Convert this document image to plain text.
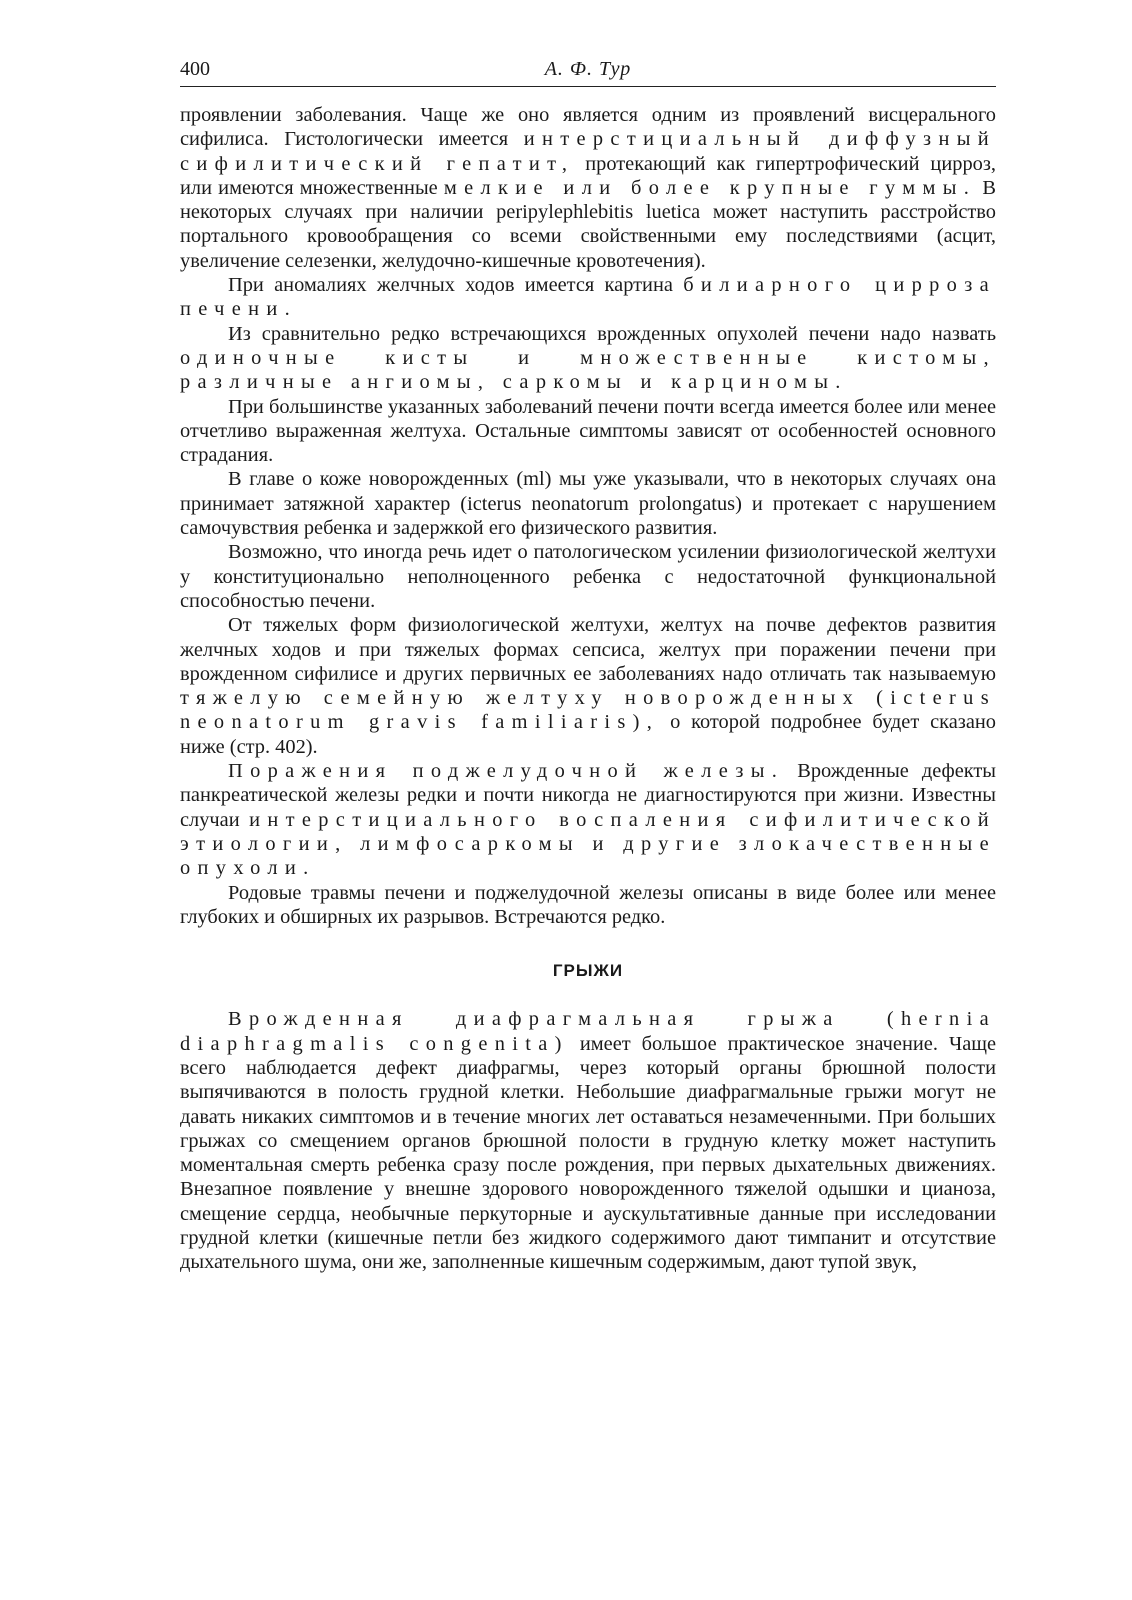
400	А. Ф. Тур

проявлении заболевания. Чаще же оно является одним из проявлений висцерального сифилиса. Гистологически имеется интерстициальный диффузный сифилитический гепатит, протекающий как гипертрофический цирроз, или имеются множественные мелкие или более крупные гуммы. В некоторых случаях при наличии peripylephlebitis luetica может наступить расстройство портального кровообращения со всеми свойственными ему последствиями (асцит, увеличение селезенки, желудочно-кишечные кровотечения).

При аномалиях желчных ходов имеется картина билиарного цирроза печени.

Из сравнительно редко встречающихся врожденных опухолей печени надо назвать одиночные кисты и множественные кистомы, различные ангиомы, саркомы и карциномы.

При большинстве указанных заболеваний печени почти всегда имеется более или менее отчетливо выраженная желтуха. Остальные симптомы зависят от особенностей основного страдания.

В главе о коже новорожденных (ml) мы уже указывали, что в некоторых случаях она принимает затяжной характер (icterus neonatorum prolongatus) и протекает с нарушением самочувствия ребенка и задержкой его физического развития.

Возможно, что иногда речь идет о патологическом усилении физиологической желтухи у конституционально неполноценного ребенка с недостаточной функциональной способностью печени.

От тяжелых форм физиологической желтухи, желтух на почве дефектов развития желчных ходов и при тяжелых формах сепсиса, желтух при поражении печени при врожденном сифилисе и других первичных ее заболеваниях надо отличать так называемую тяжелую семейную желтуху новорожденных (icterus neonatorum gravis familiaris), о которой подробнее будет сказано ниже (стр. 402).

Поражения поджелудочной железы. Врожденные дефекты панкреатической железы редки и почти никогда не диагностируются при жизни. Известны случаи интерстициального воспаления сифилитической этиологии, лимфосаркомы и другие злокачественные опухоли.

Родовые травмы печени и поджелудочной железы описаны в виде более или менее глубоких и обширных их разрывов. Встречаются редко.

ГРЫЖИ

Врожденная диафрагмальная грыжа (hernia diaphragmalis congenita) имеет большое практическое значение. Чаще всего наблюдается дефект диафрагмы, через который органы брюшной полости выпячиваются в полость грудной клетки. Небольшие диафрагмальные грыжи могут не давать никаких симптомов и в течение многих лет оставаться незамеченными. При больших грыжах со смещением органов брюшной полости в грудную клетку может наступить моментальная смерть ребенка сразу после рождения, при первых дыхательных движениях. Внезапное появление у внешне здорового новорожденного тяжелой одышки и цианоза, смещение сердца, необычные перкуторные и аускультативные данные при исследовании грудной клетки (кишечные петли без жидкого содержимого дают тимпанит и отсутствие дыхательного шума, они же, заполненные кишечным содержимым, дают тупой звук,
